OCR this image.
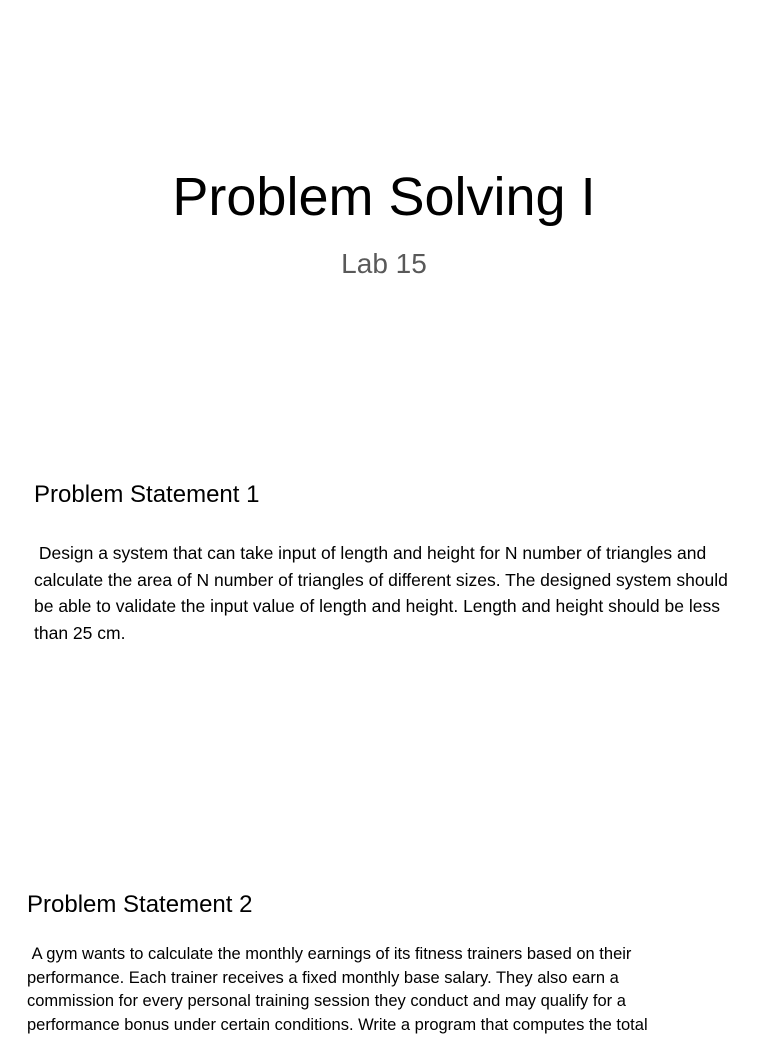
Problem Solving I
Lab 15
Problem Statement 1

Design a system that can take input of length and height for N number of triangles and calculate the area of N number of triangles of different sizes. The designed system should be able to validate the input value of length and height. Length and height should be less than 25 cm.

Problem Statement 2

A gym wants to calculate the monthly earnings of its fitness trainers based on their performance. Each trainer receives a fixed monthly base salary. They also earn a commission for every personal training session they conduct and may qualify for a performance bonus under certain conditions. Write a program that computes the total
